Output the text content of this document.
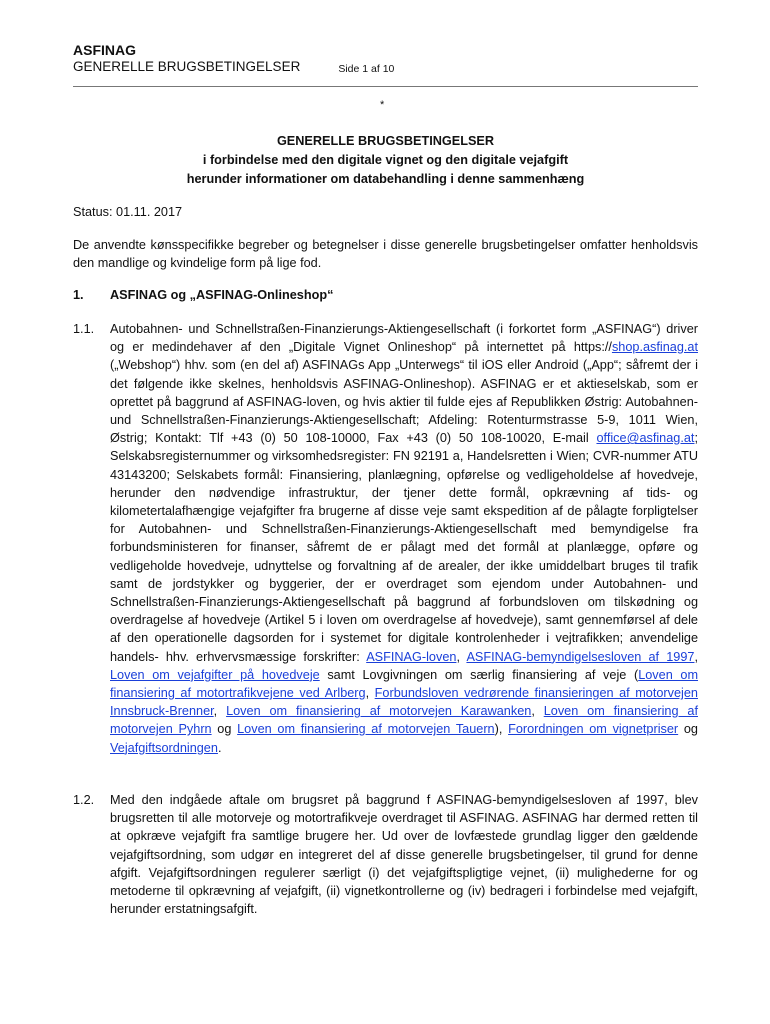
ASFINAG
GENERELLE BRUGSBETINGELSER	Side 1 af 10
*
GENERELLE BRUGSBETINGELSER
i forbindelse med den digitale vignet og den digitale vejafgift
herunder informationer om databehandling i denne sammenhæng
Status: 01.11. 2017
De anvendte kønsspecifikke begreber og betegnelser i disse generelle brugsbetingelser omfatter henholdsvis den mandlige og kvindelige form på lige fod.
1. ASFINAG og „ASFINAG-Onlineshop“
1.1. Autobahnen- und Schnellstraßen-Finanzierungs-Aktiengesellschaft (i forkortet form „ASFINAG“) driver og er medindehaver af den „Digitale Vignet Onlineshop“ på internettet på https://shop.asfinag.at („Webshop“) hhv. som (en del af) ASFINAGs App „Unterwegs“ til iOS eller Android („App“; såfremt der i det følgende ikke skelnes, henholdsvis ASFINAG-Onlineshop). ASFINAG er et aktieselskab, som er oprettet på baggrund af ASFINAG-loven, og hvis aktier til fulde ejes af Republikken Østrig: Autobahnen- und Schnellstraßen-Finanzierungs-Aktiengesellschaft; Afdeling: Rotenturmstrasse 5-9, 1011 Wien, Østrig; Kontakt: Tlf +43 (0) 50 108-10000, Fax +43 (0) 50 108-10020, E-mail office@asfinag.at; Selskabsregisternummer og virksomhedsregister: FN 92191 a, Handelsretten i Wien; CVR-nummer ATU 43143200; Selskabets formål: Finansiering, planlægning, opførelse og vedligeholdelse af hovedveje, herunder den nødvendige infrastruktur, der tjener dette formål, opkrævning af tids- og kilometertalafhængige vejafgifter fra brugerne af disse veje samt ekspedition af de pålagte forpligtelser for Autobahnen- und Schnellstraßen-Finanzierungs-Aktiengesellschaft med bemyndigelse fra forbundsministeren for finanser, såfremt de er pålagt med det formål at planlægge, opføre og vedligeholde hovedveje, udnyttelse og forvaltning af de arealer, der ikke umiddelbart bruges til trafik samt de jordstykker og byggerier, der er overdraget som ejendom under Autobahnen- und Schnellstraßen-Finanzierungs-Aktiengesellschaft på baggrund af forbundsloven om tilskødning og overdragelse af hovedveje (Artikel 5 i loven om overdragelse af hovedveje), samt gennemførsel af dele af den operationelle dagsorden for i systemet for digitale kontrolenheder i vejtrafikken; anvendelige handels- hhv. erhvervsmæssige forskrifter: ASFINAG-loven, ASFINAG-bemyndigelsesloven af 1997, Loven om vejafgifter på hovedveje samt Lovgivningen om særlig finansiering af veje (Loven om finansiering af motortrafikvejene ved Arlberg, Forbundsloven vedrørende finansieringen af motorvejen Innsbruck-Brenner, Loven om finansiering af motorvejen Karawanken, Loven om finansiering af motorvejen Pyhrn og Loven om finansiering af motorvejen Tauern), Forordningen om vignetpriser og Vejafgiftsordningen.
1.2. Med den indgåede aftale om brugsret på baggrund f ASFINAG-bemyndigelsesloven af 1997, blev brugsretten til alle motorveje og motortrafikveje overdraget til ASFINAG. ASFINAG har dermed retten til at opkræve vejafgift fra samtlige brugere her. Ud over de lovfæstede grundlag ligger den gældende vejafgiftsordning, som udgør en integreret del af disse generelle brugsbetingelser, til grund for denne afgift. Vejafgiftsordningen regulerer særligt (i) det vejafgiftspligtige vejnet, (ii) mulighederne for og metoderne til opkrævning af vejafgift, (ii) vignetkontrollerne og (iv) bedrageri i forbindelse med vejafgift, herunder erstatningsafgift.
